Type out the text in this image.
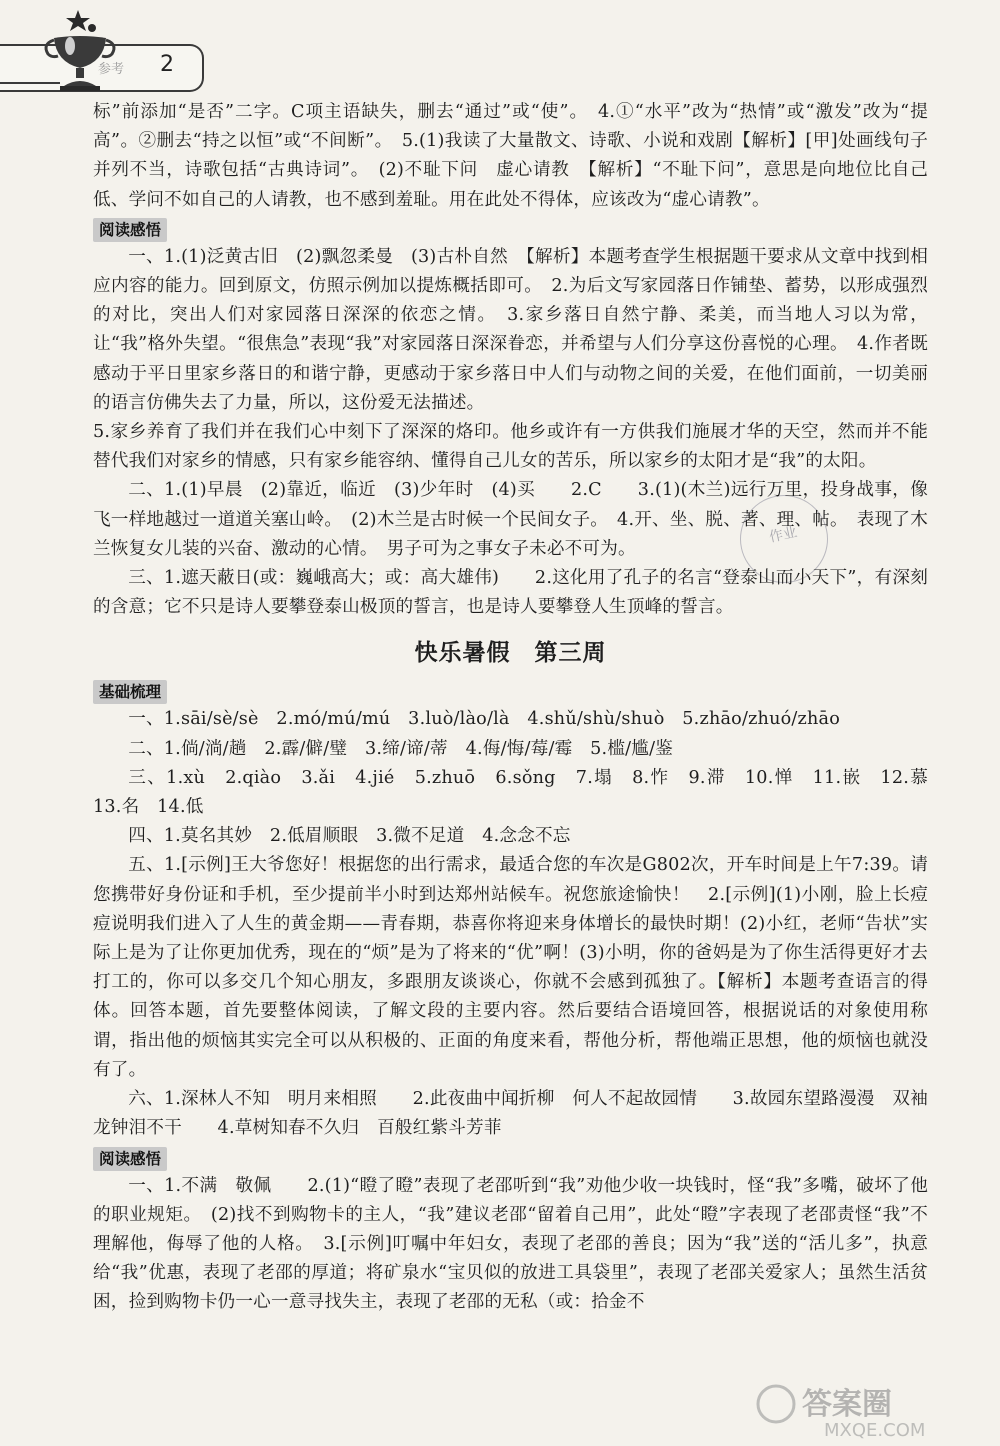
参考 2
作业

标”前添加“是否”二字。C项主语缺失，删去“通过”或“使”。　4.①“水平”改为“热情”或“激发”改为“提高”。②删去“持之以恒”或“不间断”。　5.(1)我读了大量散文、诗歌、小说和戏剧【解析】[甲]处画线句子并列不当，诗歌包括“古典诗词”。　(2)不耻下问　虚心请教　【解析】“不耻下问”，意思是向地位比自己低、学问不如自己的人请教，也不感到羞耻。用在此处不得体，应该改为“虚心请教”。

阅读感悟

一、1.(1)泛黄古旧　(2)飘忽柔曼　(3)古朴自然　【解析】本题考查学生根据题干要求从文章中找到相应内容的能力。回到原文，仿照示例加以提炼概括即可。　2.为后文写家园落日作铺垫、蓄势，以形成强烈的对比，突出人们对家园落日深深的依恋之情。　3.家乡落日自然宁静、柔美，而当地人习以为常，让“我”格外失望。“很焦急”表现“我”对家园落日深深眷恋，并希望与人们分享这份喜悦的心理。　4.作者既感动于平日里家乡落日的和谐宁静，更感动于家乡落日中人们与动物之间的关爱，在他们面前，一切美丽的语言仿佛失去了力量，所以，这份爱无法描述。

5.家乡养育了我们并在我们心中刻下了深深的烙印。他乡或许有一方供我们施展才华的天空，然而并不能替代我们对家乡的情感，只有家乡能容纳、懂得自己儿女的苦乐，所以家乡的太阳才是“我”的太阳。

二、1.(1)早晨　(2)靠近，临近　(3)少年时　(4)买　　2.C　　3.(1)(木兰)远行万里，投身战事，像飞一样地越过一道道关塞山岭。　(2)木兰是古时候一个民间女子。　4.开、坐、脱、著、理、帖。　表现了木兰恢复女儿装的兴奋、激动的心情。　男子可为之事女子未必不可为。

三、1.遮天蔽日(或：巍峨高大；或：高大雄伟)　　2.这化用了孔子的名言“登泰山而小天下”，有深刻的含意；它不只是诗人要攀登泰山极顶的誓言，也是诗人要攀登人生顶峰的誓言。

快乐暑假　第三周
基础梳理

一、1.sāi/sè/sè　2.mó/mú/mú　3.luò/lào/là　4.shǔ/shù/shuò　5.zhāo/zhuó/zhāo

二、1.倘/淌/趟　2.霹/僻/璧　3.缔/谛/蒂　4.侮/悔/莓/霉　5.槛/尴/鉴

三、1.xù　2.qiào　3.ǎi　4.jié　5.zhuō　6.sǒng　7.塌　8.怍　9.滞　10.惮　11.嵌　12.慕　13.名　14.低

四、1.莫名其妙　2.低眉顺眼　3.微不足道　4.念念不忘

五、1.[示例]王大爷您好！根据您的出行需求，最适合您的车次是G802次，开车时间是上午7:39。请您携带好身份证和手机，至少提前半小时到达郑州站候车。祝您旅途愉快！　2.[示例](1)小刚，脸上长痘痘说明我们进入了人生的黄金期——青春期，恭喜你将迎来身体增长的最快时期！(2)小红，老师“告状”实际上是为了让你更加优秀，现在的“烦”是为了将来的“优”啊！(3)小明，你的爸妈是为了你生活得更好才去打工的，你可以多交几个知心朋友，多跟朋友谈谈心，你就不会感到孤独了。【解析】本题考查语言的得体。回答本题，首先要整体阅读，了解文段的主要内容。然后要结合语境回答，根据说话的对象使用称谓，指出他的烦恼其实完全可以从积极的、正面的角度来看，帮他分析，帮他端正思想，他的烦恼也就没有了。

六、1.深林人不知　明月来相照　　2.此夜曲中闻折柳　何人不起故园情　　3.故园东望路漫漫　双袖龙钟泪不干　　4.草树知春不久归　百般红紫斗芳菲

阅读感悟

一、1.不满　敬佩　　2.(1)“瞪了瞪”表现了老邵听到“我”劝他少收一块钱时，怪“我”多嘴，破坏了他的职业规矩。　(2)找不到购物卡的主人，“我”建议老邵“留着自己用”，此处“瞪”字表现了老邵责怪“我”不理解他，侮辱了他的人格。　3.[示例]叮嘱中年妇女，表现了老邵的善良；因为“我”送的“活儿多”，执意给“我”优惠，表现了老邵的厚道；将矿泉水“宝贝似的放进工具袋里”，表现了老邵关爱家人；虽然生活贫困，捡到购物卡仍一心一意寻找失主，表现了老邵的无私（或：拾金不

答案圈
MXQE.COM
